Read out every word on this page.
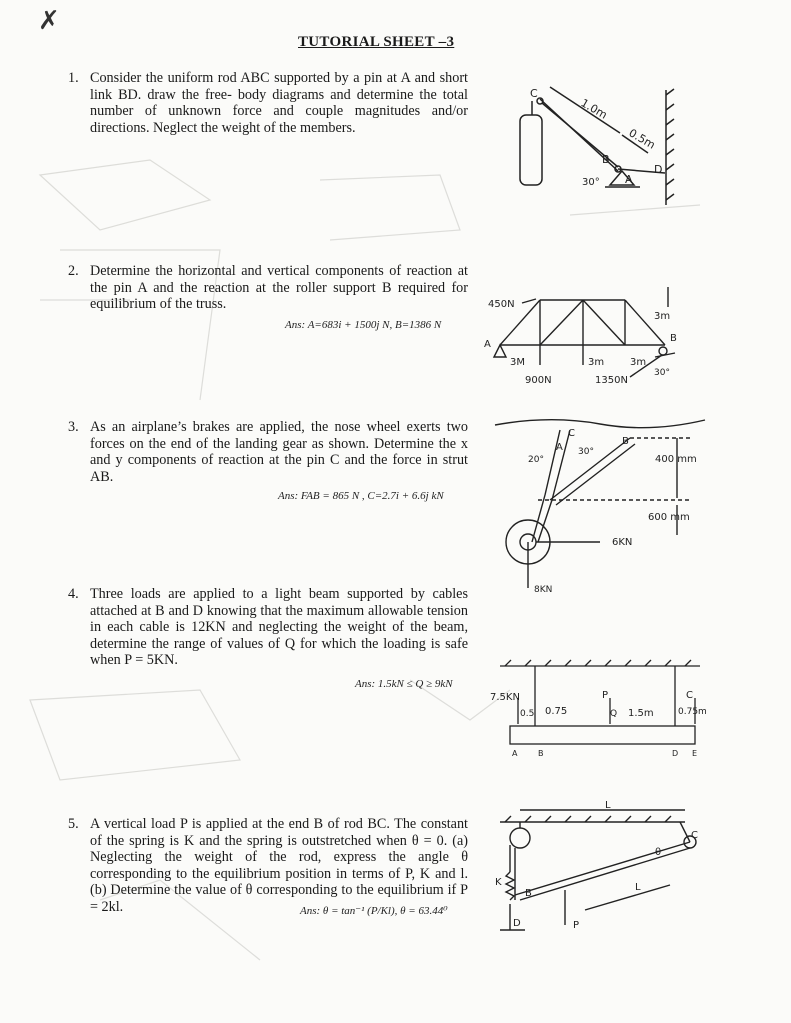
✗
TUTORIAL SHEET –3
1. Consider the uniform rod ABC supported by a pin at A and short link BD. draw the free- body diagrams and determine the total number of unknown force and couple magnitudes and/or directions. Neglect the weight of the members.
C
1.0m
0.5m
B
30° A
D
2. Determine the horizontal and vertical components of reaction at the pin A and the reaction at the roller support B required for equilibrium of the truss.
Ans: A=683i + 1500j N, B=1386 N
450N
3m
A
B
3M	3m	3m
900N	1350N
30°
3. As an airplane’s brakes are applied, the nose wheel exerts two forces on the end of the landing gear as shown. Determine the x and y components of reaction at the pin C and the force in strut AB.
Ans: FAB = 865 N , C=2.7i + 6.6j kN
C
A
B
20°
30°
400 mm
600 mm
6KN
8KN
4. Three loads are applied to a light beam supported by cables attached at B and D knowing that the maximum allowable tension in each cable is 12KN and neglecting the weight of the beam, determine the range of values of Q for which the loading is safe when P = 5KN.
Ans: 1.5kN ≤ Q ≥ 9kN
7.5KN	P
Q
C
0.5 0.75	1.5m	0.75m
A	B	D E
5. A vertical load P is applied at the end B of rod BC. The constant of the spring is K and the spring is outstretched when θ = 0. (a) Neglecting the weight of the rod, express the angle θ corresponding to the equilibrium position in terms of P, K and l. (b) Determine the value of θ corresponding to the equilibrium if P = 2kl.	Ans: θ = tan⁻¹ (P/Kl), θ = 63.44⁰
L
θ
C
K
B
L
P
D
